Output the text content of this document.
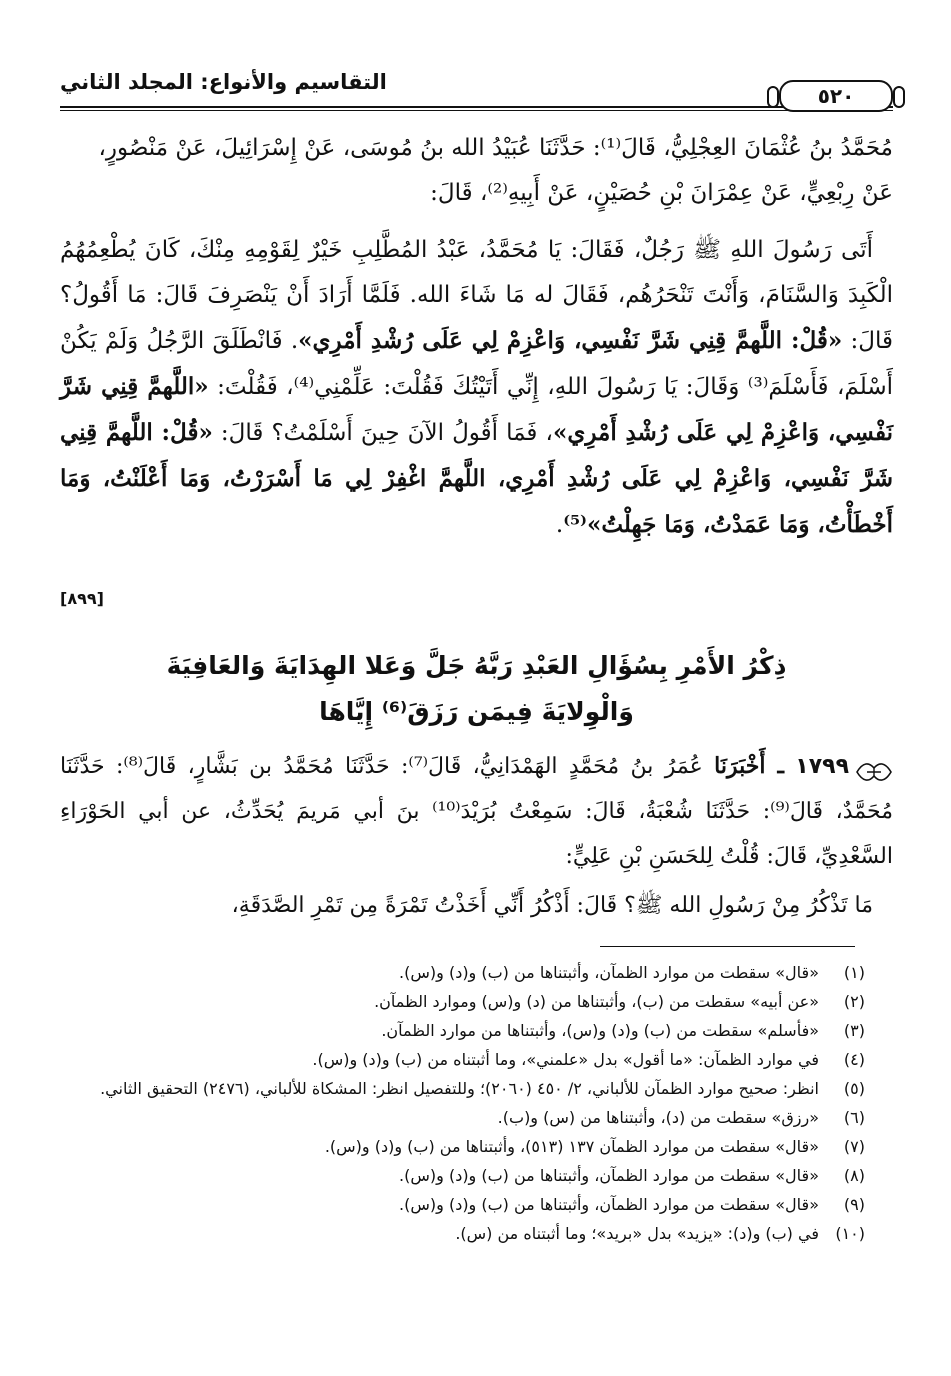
التقاسيم والأنواع: المجلد الثاني
٥٢٠

مُحَمَّدُ بنُ عُثْمَانَ العِجْلِيُّ، قَالَ⁽¹⁾: حَدَّثَنَا عُبَيْدُ الله بنُ مُوسَى، عَنْ إِسْرَائِيلَ، عَنْ مَنْصُورٍ،

عَنْ رِبْعِيٍّ، عَنْ عِمْرَانَ بْنِ حُصَيْنٍ، عَنْ أَبِيهِ⁽²⁾، قَالَ:

أَتَى رَسُولَ اللهِ ﷺ رَجُلٌ، فَقَالَ: يَا مُحَمَّدُ، عَبْدُ المُطَّلِبِ خَيْرٌ لِقَوْمِهِ مِنْكَ، كَانَ يُطْعِمُهُمُ الْكَبِدَ وَالسَّنَامَ، وَأَنْتَ تَنْحَرُهُم، فَقَالَ له مَا شَاءَ الله. فَلَمَّا أَرَادَ أَنْ يَنْصَرِفَ قَالَ: مَا أَقُولُ؟ قَالَ: «قُلْ: اللَّهمَّ قِنِي شَرَّ نَفْسِي، وَاعْزِمْ لِي عَلَى رُشْدِ أَمْرِي». فَانْطَلَقَ الرَّجُلُ وَلَمْ يَكُنْ أَسْلَمَ، فَأَسْلَمَ⁽³⁾ وَقَالَ: يَا رَسُولَ اللهِ، إِنِّي أَتَيْتُكَ فَقُلْتَ: عَلِّمْنِي⁽⁴⁾، فَقُلْتَ: «اللَّهمَّ قِنِي شَرَّ نَفْسِي، وَاعْزِمْ لِي عَلَى رُشْدِ أَمْرِي»، فَمَا أَقُولُ الآنَ حِينَ أَسْلَمْتُ؟ قَالَ: «قُلْ: اللَّهمَّ قِنِي شَرَّ نَفْسِي، وَاعْزِمْ لِي عَلَى رُشْدِ أَمْرِي، اللَّهمَّ اغْفِرْ لِي مَا أَسْرَرْتُ، وَمَا أَعْلَنْتُ، وَمَا أَخْطَأْتُ، وَمَا عَمَدْتُ، وَمَا جَهِلْتُ»⁽⁵⁾.

[٨٩٩]
ذِكْرُ الأَمْرِ بِسُؤَالِ العَبْدِ رَبَّهُ جَلَّ وَعَلا الهِدَايَةَ وَالعَافِيَةَ
وَالْوِلايَةَ فِيمَن رَزَقَ⁽⁶⁾ إِيَّاهَا

١٧٩٩ ـ أَخْبَرَنَا عُمَرُ بنُ مُحَمَّدٍ الهَمْدَانِيُّ، قَالَ⁽⁷⁾: حَدَّثَنَا مُحَمَّدُ بن بَشَّارٍ، قَالَ⁽⁸⁾: حَدَّثَنَا مُحَمَّدٌ، قَالَ⁽⁹⁾: حَدَّثَنَا شُعْبَةُ، قَالَ: سَمِعْتُ بُرَيْدَ⁽¹⁰⁾ بنَ أبي مَريمَ يُحَدِّثُ، عن أبي الحَوْرَاءِ السَّعْدِيِّ، قَالَ: قُلْتُ لِلحَسَنِ بْنِ عَلِيٍّ:

مَا تَذْكُرُ مِنْ رَسُولِ الله ﷺ؟ قَالَ: أَذْكُرُ أَنِّي أَخَذْتُ تَمْرَةً مِن تَمْرِ الصَّدَقَةِ،

(١)
«قال» سقطت من موارد الظمآن، وأثبتناها من (ب) و(د) و(س).
(٢)
«عن أبيه» سقطت من (ب)، وأثبتناها من (د) و(س) وموارد الظمآن.
(٣)
«فأسلم» سقطت من (ب) و(د) و(س)، وأثبتناها من موارد الظمآن.
(٤)
في موارد الظمآن: «ما أقول» بدل «علمني»، وما أثبتناه من (ب) و(د) و(س).
(٥)
انظر: صحيح موارد الظمآن للألباني، ٢/ ٤٥٠ (٢٠٦٠)؛ وللتفصيل انظر: المشكاة للألباني، (٢٤٧٦) التحقيق الثاني.
(٦)
«رزق» سقطت من (د)، وأثبتناها من (س) و(ب).
(٧)
«قال» سقطت من موارد الظمآن ١٣٧ (٥١٣)، وأثبتناها من (ب) و(د) و(س).
(٨)
«قال» سقطت من موارد الظمآن، وأثبتناها من (ب) و(د) و(س).
(٩)
«قال» سقطت من موارد الظمآن، وأثبتناها من (ب) و(د) و(س).
(١٠)
في (ب) و(د): «يزيد» بدل «بريد»؛ وما أثبتناه من (س).
